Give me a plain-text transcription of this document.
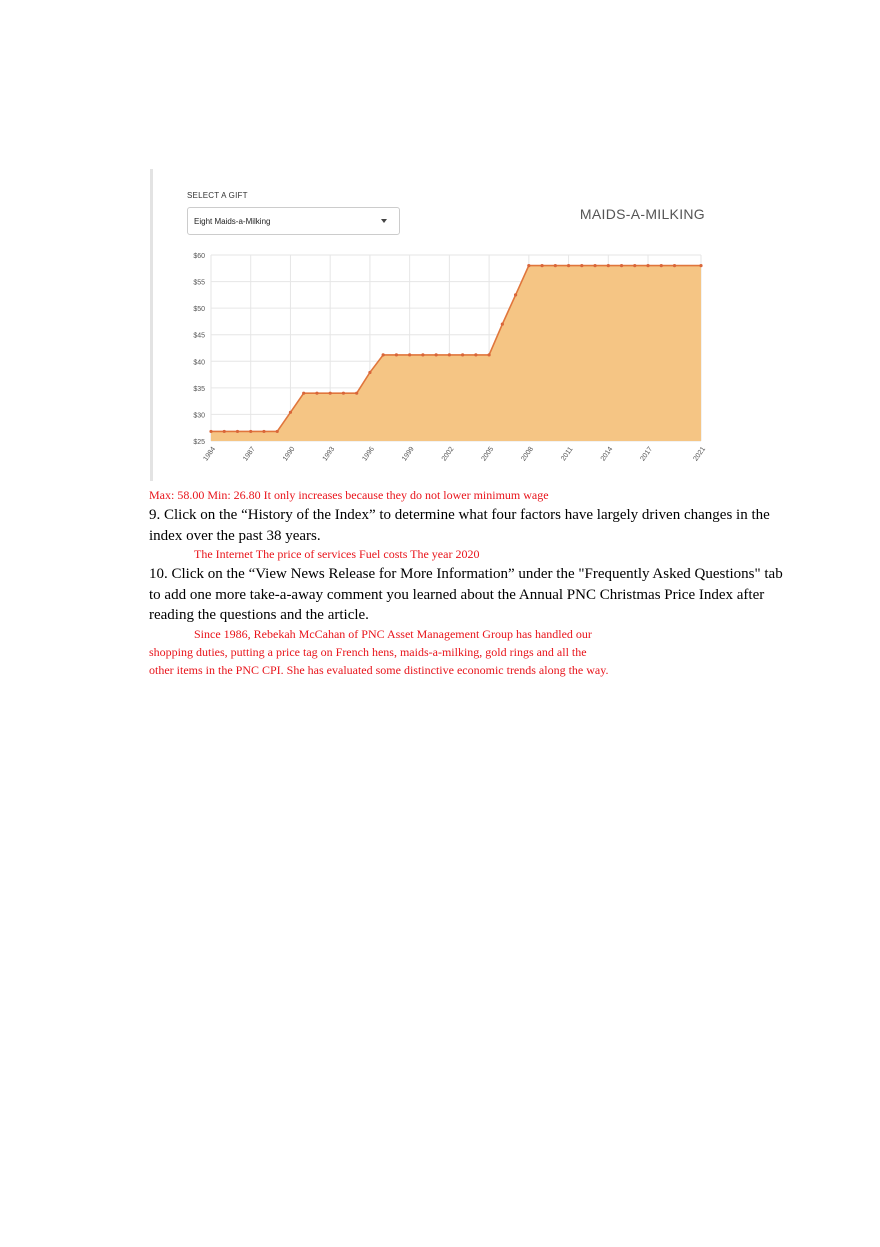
SELECT A GIFT
Eight Maids-a-Milking	MAIDS-A-MILKING
$60
$55
$50
$45
$40
$35
$30
$25
1984	1987	1990	1993	1996	1999	2002	2005	2008	2011	2014	2017	2021

Max: 58.00 Min: 26.80 It only increases because they do not lower minimum wage

9. Click on the “History of the Index” to determine what four factors have largely driven changes in the index over the past 38 years.

The Internet The price of services Fuel costs The year 2020

10. Click on the “View News Release for More Information” under the "Frequently Asked Questions" tab to add one more take-a-away comment you learned about the Annual PNC Christmas Price Index after reading the questions and the article.

Since 1986, Rebekah McCahan of PNC Asset Management Group has handled our
shopping duties, putting a price tag on French hens, maids-a-milking, gold rings and all the
other items in the PNC CPI. She has evaluated some distinctive economic trends along the way.
